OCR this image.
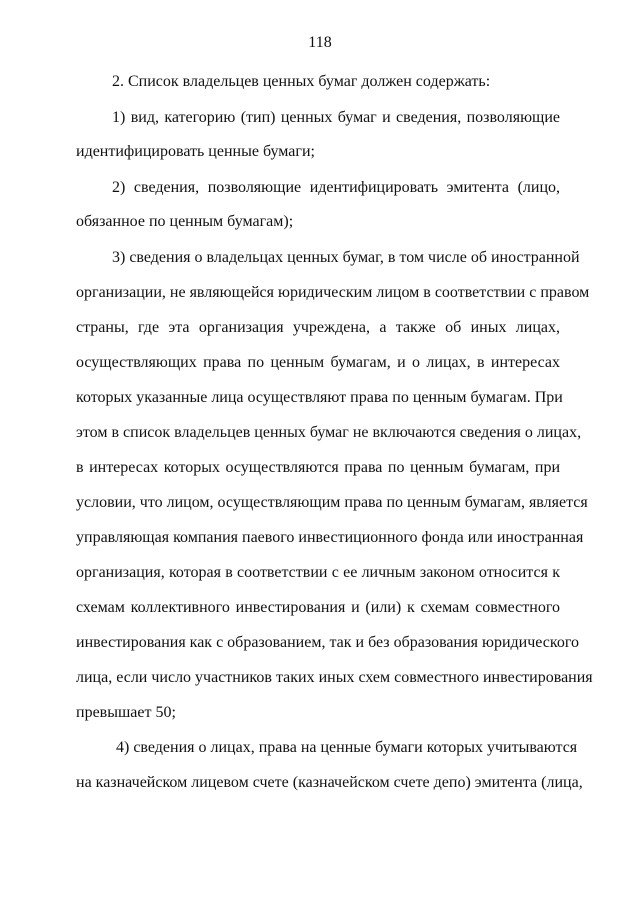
118
2. Список владельцев ценных бумаг должен содержать:
1) вид, категорию (тип) ценных бумаг и сведения, позволяющие
идентифицировать ценные бумаги;
2) сведения, позволяющие идентифицировать эмитента (лицо,
обязанное по ценным бумагам);
3) сведения о владельцах ценных бумаг, в том числе об иностранной
организации, не являющейся юридическим лицом в соответствии с правом
страны, где эта организация учреждена, а также об иных лицах,
осуществляющих права по ценным бумагам, и о лицах, в интересах
которых указанные лица осуществляют права по ценным бумагам. При
этом в список владельцев ценных бумаг не включаются сведения о лицах,
в интересах которых осуществляются права по ценным бумагам, при
условии, что лицом, осуществляющим права по ценным бумагам, является
управляющая компания паевого инвестиционного фонда или иностранная
организация, которая в соответствии с ее личным законом относится к
схемам коллективного инвестирования и (или) к схемам совместного
инвестирования как с образованием, так и без образования юридического
лица, если число участников таких иных схем совместного инвестирования
превышает 50;
4) сведения о лицах, права на ценные бумаги которых учитываются
на казначейском лицевом счете (казначейском счете депо) эмитента (лица,
